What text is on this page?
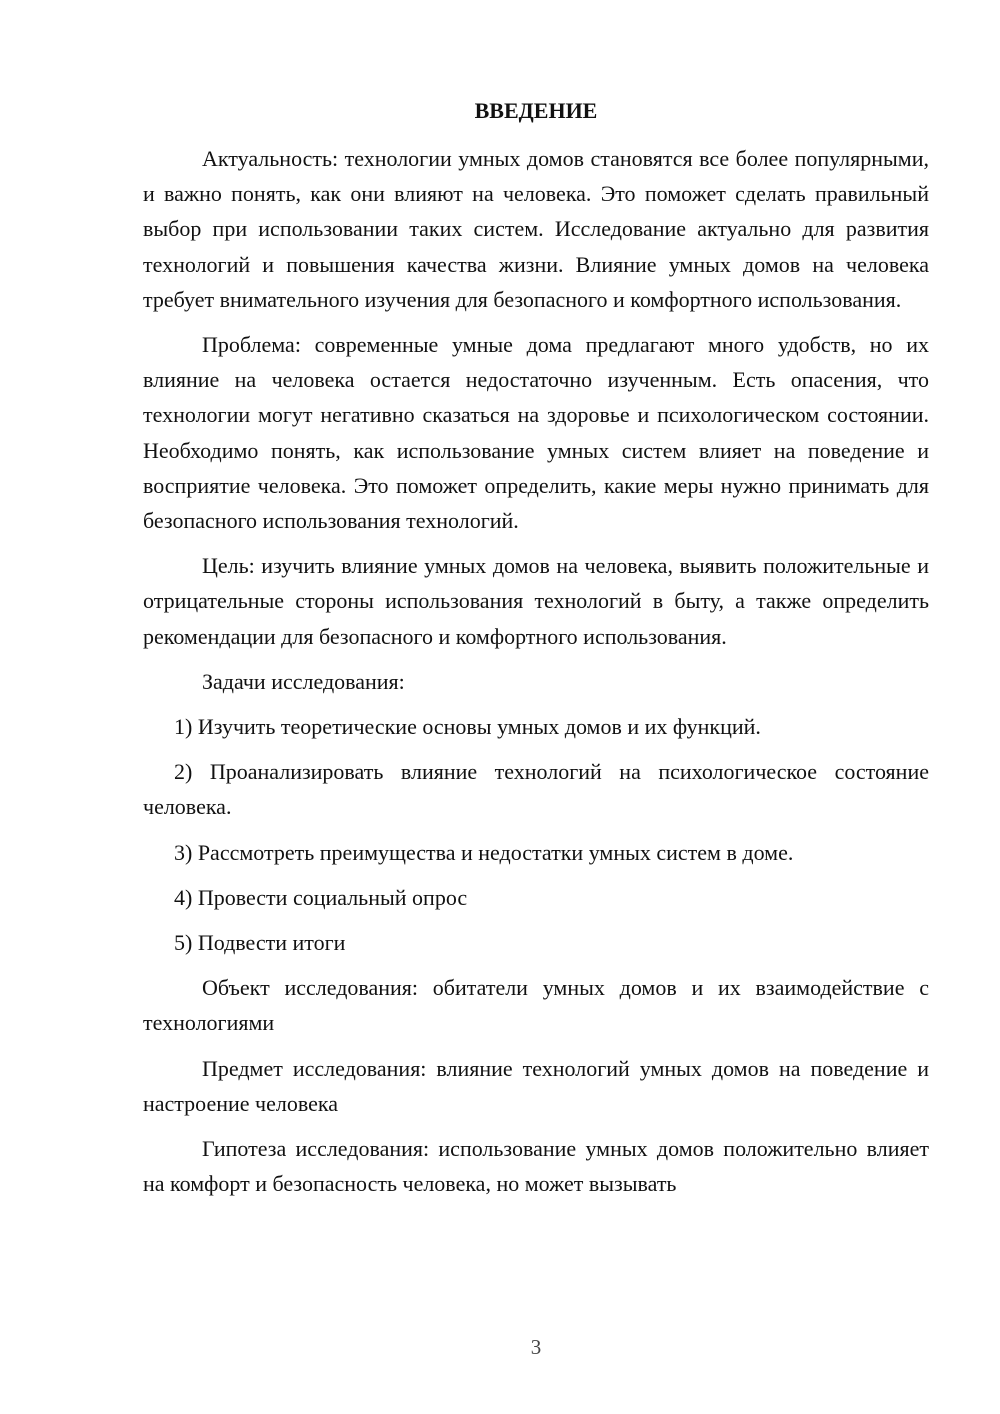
ВВЕДЕНИЕ

Актуальность: технологии умных домов становятся все более популярными, и важно понять, как они влияют на человека. Это поможет сделать правильный выбор при использовании таких систем. Исследование актуально для развития технологий и повышения качества жизни. Влияние умных домов на человека требует внимательного изучения для безопасного и комфортного использования.

Проблема: современные умные дома предлагают много удобств, но их влияние на человека остается недостаточно изученным. Есть опасения, что технологии могут негативно сказаться на здоровье и психологическом состоянии. Необходимо понять, как использование умных систем влияет на поведение и восприятие человека. Это поможет определить, какие меры нужно принимать для безопасного использования технологий.

Цель: изучить влияние умных домов на человека, выявить положительные и отрицательные стороны использования технологий в быту, а также определить рекомендации для безопасного и комфортного использования.

Задачи исследования:

1) Изучить теоретические основы умных домов и их функций.

2) Проанализировать влияние технологий на психологическое состояние человека.

3) Рассмотреть преимущества и недостатки умных систем в доме.

4) Провести социальный опрос

5) Подвести итоги

Объект исследования: обитатели умных домов и их взаимодействие с технологиями

Предмет исследования: влияние технологий умных домов на поведение и настроение человека

Гипотеза исследования: использование умных домов положительно влияет на комфорт и безопасность человека, но может вызывать

3
